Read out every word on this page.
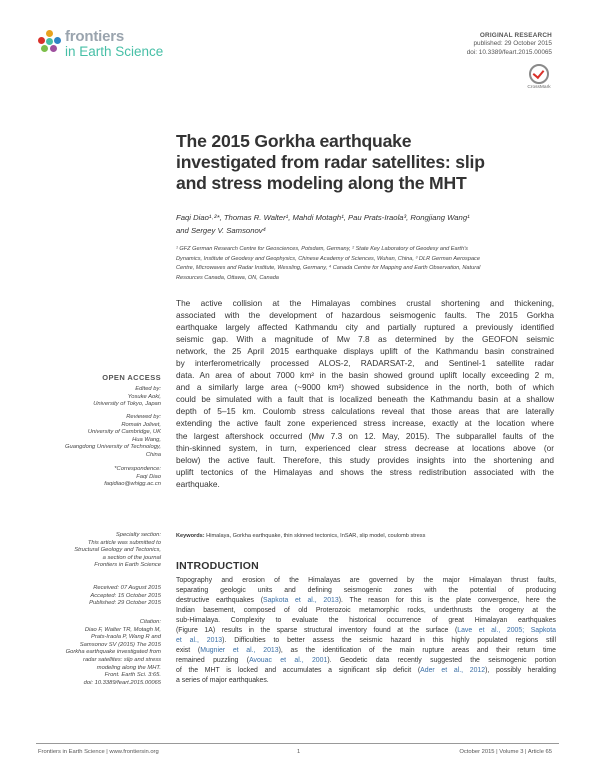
frontiers
in Earth Science
ORIGINAL RESEARCH
published: 29 October 2015
doi: 10.3389/feart.2015.00065
CrossMark
The 2015 Gorkha earthquake
investigated from radar satellites: slip
and stress modeling along the MHT
Faqi Diao¹˒²*, Thomas R. Walter¹, Mahdi Motagh¹, Pau Prats-Iraola³, Rongjiang Wang¹
and Sergey V. Samsonov⁴
¹ GFZ German Research Centre for Geosciences, Potsdam, Germany, ² State Key Laboratory of Geodesy and Earth's
Dynamics, Institute of Geodesy and Geophysics, Chinese Academy of Sciences, Wuhan, China, ³ DLR German Aerospace
Centre, Microwaves and Radar Institute, Wessling, Germany, ⁴ Canada Centre for Mapping and Earth Observation, Natural
Resources Canada, Ottawa, ON, Canada
The active collision at the Himalayas combines crustal shortening and thickening,
associated with the development of hazardous seismogenic faults. The 2015 Gorkha
earthquake largely affected Kathmandu city and partially ruptured a previously identified
seismic gap. With a magnitude of Mw 7.8 as determined by the GEOFON seismic
network, the 25 April 2015 earthquake displays uplift of the Kathmandu basin constrained
by interferometrically processed ALOS-2, RADARSAT-2, and Sentinel-1 satellite radar
data. An area of about 7000 km² in the basin showed ground uplift locally exceeding 2 m,
and a similarly large area (~9000 km²) showed subsidence in the north, both of which
could be simulated with a fault that is localized beneath the Kathmandu basin at a shallow
depth of 5–15 km. Coulomb stress calculations reveal that those areas that are laterally
extending the active fault zone experienced stress increase, exactly at the location where
the largest aftershock occurred (Mw 7.3 on 12. May, 2015). The subparallel faults of the
thin-skinned system, in turn, experienced clear stress decrease at locations above (or
below) the active fault. Therefore, this study provides insights into the shortening and
uplift tectonics of the Himalayas and shows the stress redistribution associated with the
earthquake.
Keywords: Himalaya, Gorkha earthquake, thin skinned tectonics, InSAR, slip model, coulomb stress
INTRODUCTION
Topography and erosion of the Himalayas are governed by the major Himalayan thrust faults,
separating geologic units and defining seismogenic zones with the potential of producing
destructive earthquakes (Sapkota et al., 2013). The reason for this is the plate convergence, here the
Indian basement, composed of old Proterozoic metamorphic rocks, underthrusts the orogeny at the
sub-Himalaya. Complexity to evaluate the historical occurrence of great Himalayan earthquakes
(Figure 1A) results in the sparse structural inventory found at the surface (Lave et al., 2005; Sapkota
et al., 2013). Difficulties to better assess the seismic hazard in this highly populated regions still
exist (Mugnier et al., 2013), as the identification of the main rupture areas and their return time
remained puzzling (Avouac et al., 2001). Geodetic data recently suggested the seismogenic portion
of the MHT is locked and accumulates a significant slip deficit (Ader et al., 2012), possibly heralding
a series of major earthquakes.
OPEN ACCESS
Edited by:
Yosuke Aoki,
University of Tokyo, Japan
Reviewed by:
Romain Jolivet,
University of Cambridge, UK
Hua Wang,
Guangdong University of Technology,
China
*Correspondence:
Faqi Diao
faqidiao@whigg.ac.cn
Specialty section:
This article was submitted to
Structural Geology and Tectonics,
a section of the journal
Frontiers in Earth Science
Received: 07 August 2015
Accepted: 15 October 2015
Published: 29 October 2015
Citation:
Diao F, Walter TR, Motagh M,
Prats-Iraola P, Wang R and
Samsonov SV (2015) The 2015
Gorkha earthquake investigated from
radar satellites: slip and stress
modeling along the MHT.
Front. Earth Sci. 3:65.
doi: 10.3389/feart.2015.00065
Frontiers in Earth Science | www.frontiersin.org	1	October 2015 | Volume 3 | Article 65
